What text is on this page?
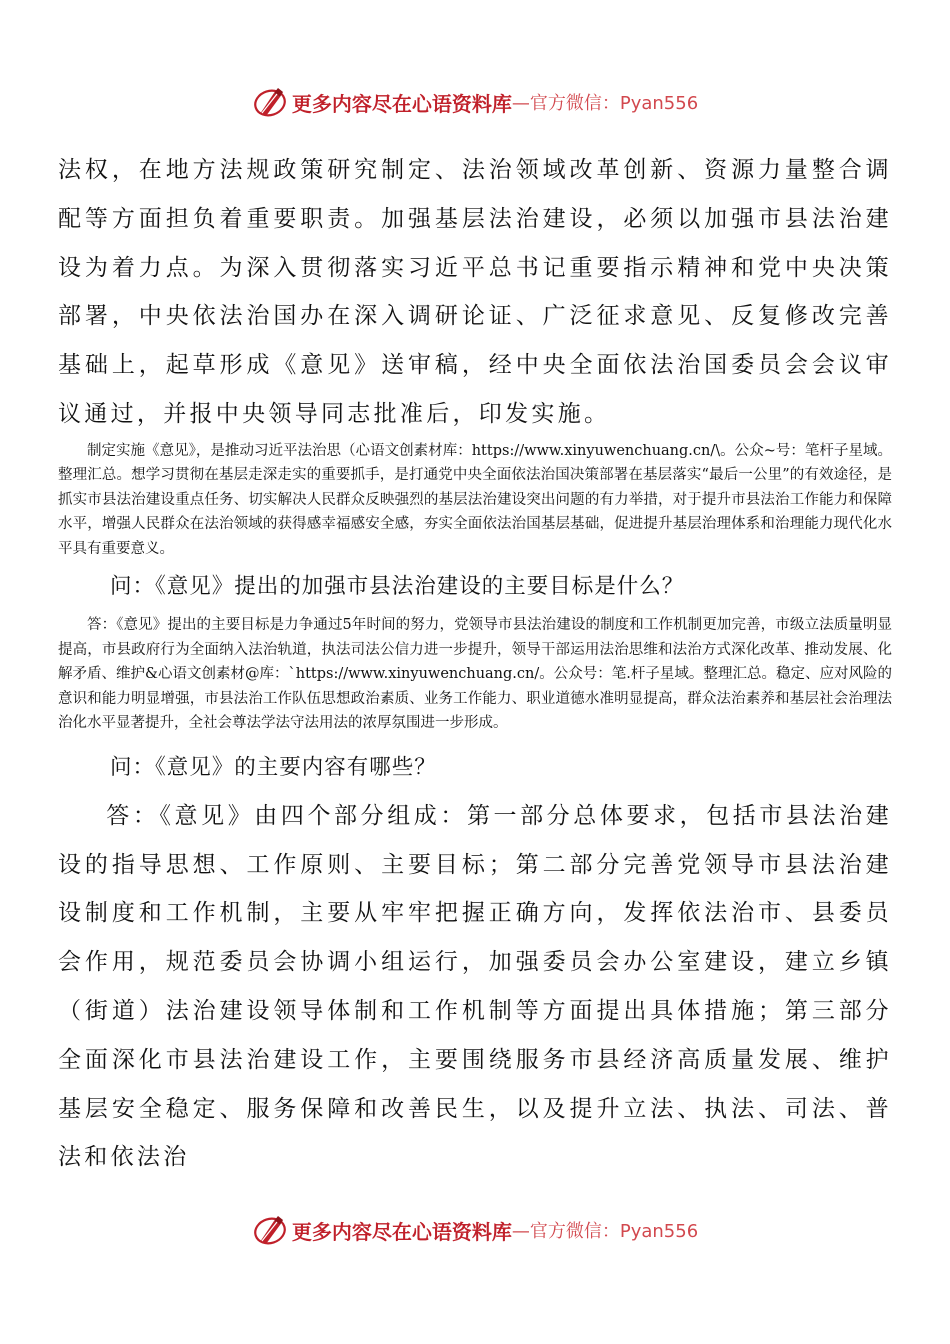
更多内容尽在心语资料库 —官方微信：Pyan556

法权，在地方法规政策研究制定、法治领域改革创新、资源力量整合调配等方面担负着重要职责。加强基层法治建设，必须以加强市县法治建设为着力点。为深入贯彻落实习近平总书记重要指示精神和党中央决策部署，中央依法治国办在深入调研论证、广泛征求意见、反复修改完善基础上，起草形成《意见》送审稿，经中央全面依法治国委员会会议审议通过，并报中央领导同志批准后，印发实施。

制定实施《意见》，是推动习近平法治思（心语文创素材库：https://www.xinyuwenchuang.cn/\。公众~号：笔杆子星域。整理汇总。想学习贯彻在基层走深走实的重要抓手，是打通党中央全面依法治国决策部署在基层落实“最后一公里”的有效途径，是抓实市县法治建设重点任务、切实解决人民群众反映强烈的基层法治建设突出问题的有力举措，对于提升市县法治工作能力和保障水平，增强人民群众在法治领域的获得感幸福感安全感，夯实全面依法治国基层基础，促进提升基层治理体系和治理能力现代化水平具有重要意义。

问：《意见》提出的加强市县法治建设的主要目标是什么？

答：《意见》提出的主要目标是力争通过5年时间的努力，党领导市县法治建设的制度和工作机制更加完善，市级立法质量明显提高，市县政府行为全面纳入法治轨道，执法司法公信力进一步提升，领导干部运用法治思维和法治方式深化改革、推动发展、化解矛盾、维护&心语文创素材@库：`https://www.xinyuwenchuang.cn/。公众号：笔.杆子星域。整理汇总。稳定、应对风险的意识和能力明显增强，市县法治工作队伍思想政治素质、业务工作能力、职业道德水准明显提高，群众法治素养和基层社会治理法治化水平显著提升，全社会尊法学法守法用法的浓厚氛围进一步形成。

问：《意见》的主要内容有哪些？

答：《意见》由四个部分组成：第一部分总体要求，包括市县法治建设的指导思想、工作原则、主要目标；第二部分完善党领导市县法治建设制度和工作机制，主要从牢牢把握正确方向，发挥依法治市、县委员会作用，规范委员会协调小组运行，加强委员会办公室建设，建立乡镇（街道）法治建设领导体制和工作机制等方面提出具体措施；第三部分全面深化市县法治建设工作，主要围绕服务市县经济高质量发展、维护基层安全稳定、服务保障和改善民生，以及提升立法、执法、司法、普法和依法治

更多内容尽在心语资料库 —官方微信：Pyan556
